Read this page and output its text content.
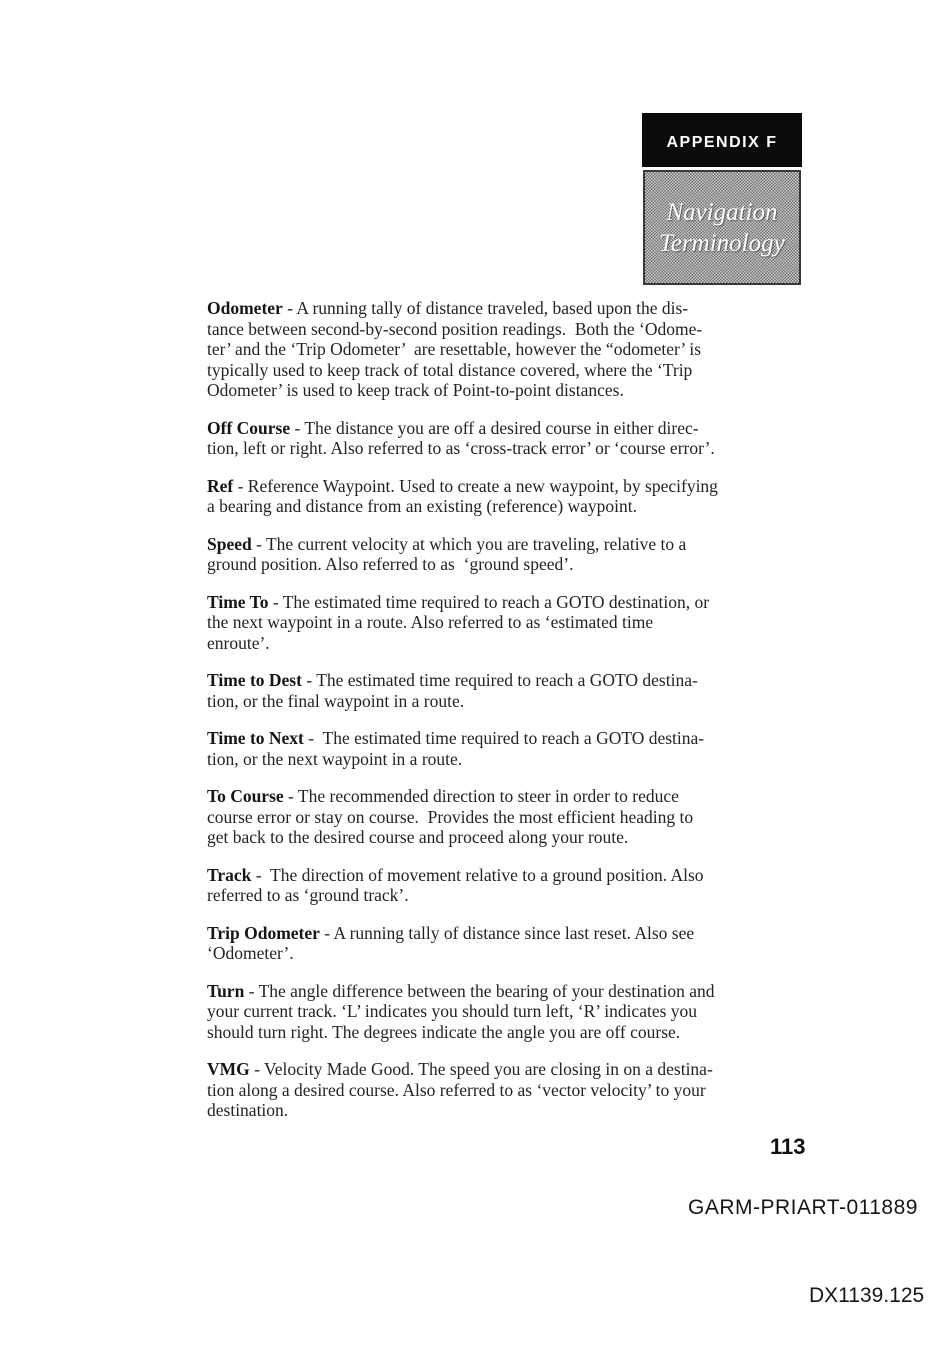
APPENDIX F
Navigation
Terminology
Odometer - A running tally of distance traveled, based upon the dis-
tance between second-by-second position readings.  Both the ‘Odome-
ter’ and the ‘Trip Odometer’  are resettable, however the “odometer’ is
typically used to keep track of total distance covered, where the ‘Trip
Odometer’ is used to keep track of Point-to-point distances.
Off Course - The distance you are off a desired course in either direc-
tion, left or right. Also referred to as ‘cross-track error’ or ‘course error’.
Ref - Reference Waypoint. Used to create a new waypoint, by specifying
a bearing and distance from an existing (reference) waypoint.
Speed - The current velocity at which you are traveling, relative to a
ground position. Also referred to as  ‘ground speed’.
Time To - The estimated time required to reach a GOTO destination, or
the next waypoint in a route. Also referred to as ‘estimated time
enroute’.
Time to Dest - The estimated time required to reach a GOTO destina-
tion, or the final waypoint in a route.
Time to Next -  The estimated time required to reach a GOTO destina-
tion, or the next waypoint in a route.
To Course - The recommended direction to steer in order to reduce
course error or stay on course.  Provides the most efficient heading to
get back to the desired course and proceed along your route.
Track -  The direction of movement relative to a ground position. Also
referred to as ‘ground track’.
Trip Odometer - A running tally of distance since last reset. Also see
‘Odometer’.
Turn - The angle difference between the bearing of your destination and
your current track. ‘L’ indicates you should turn left, ‘R’ indicates you
should turn right. The degrees indicate the angle you are off course.
VMG - Velocity Made Good. The speed you are closing in on a destina-
tion along a desired course. Also referred to as ‘vector velocity’ to your
destination.
113
GARM-PRIART-011889
DX1139.125
